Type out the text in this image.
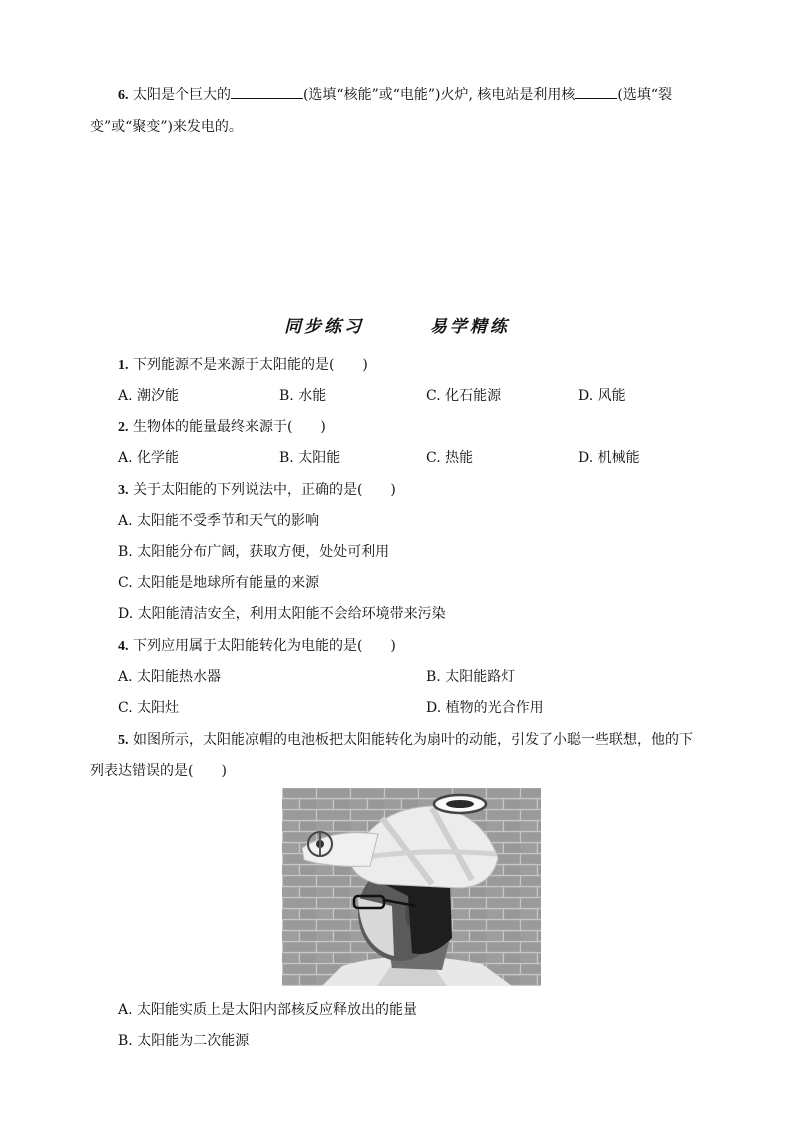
6. 太阳是个巨大的	(选填“核能”或“电能”)火炉, 核电站是利用核	(选填“裂
变”或“聚变”)来发电的。
同步练习	易学精练
1. 下列能源不是来源于太阳能的是(　　)
A. 潮汐能	B. 水能	C. 化石能源	D. 风能
2. 生物体的能量最终来源于(　　)
A. 化学能	B. 太阳能	C. 热能	D. 机械能
3. 关于太阳能的下列说法中，正确的是(　　)
A. 太阳能不受季节和天气的影响
B. 太阳能分布广阔，获取方便，处处可利用
C. 太阳能是地球所有能量的来源
D. 太阳能清洁安全，利用太阳能不会给环境带来污染
4. 下列应用属于太阳能转化为电能的是(　　)
A. 太阳能热水器	B. 太阳能路灯
C. 太阳灶	D. 植物的光合作用
5. 如图所示，太阳能凉帽的电池板把太阳能转化为扇叶的动能，引发了小聪一些联想，他的下
列表达错误的是(　　)
A. 太阳能实质上是太阳内部核反应释放出的能量
B. 太阳能为二次能源
